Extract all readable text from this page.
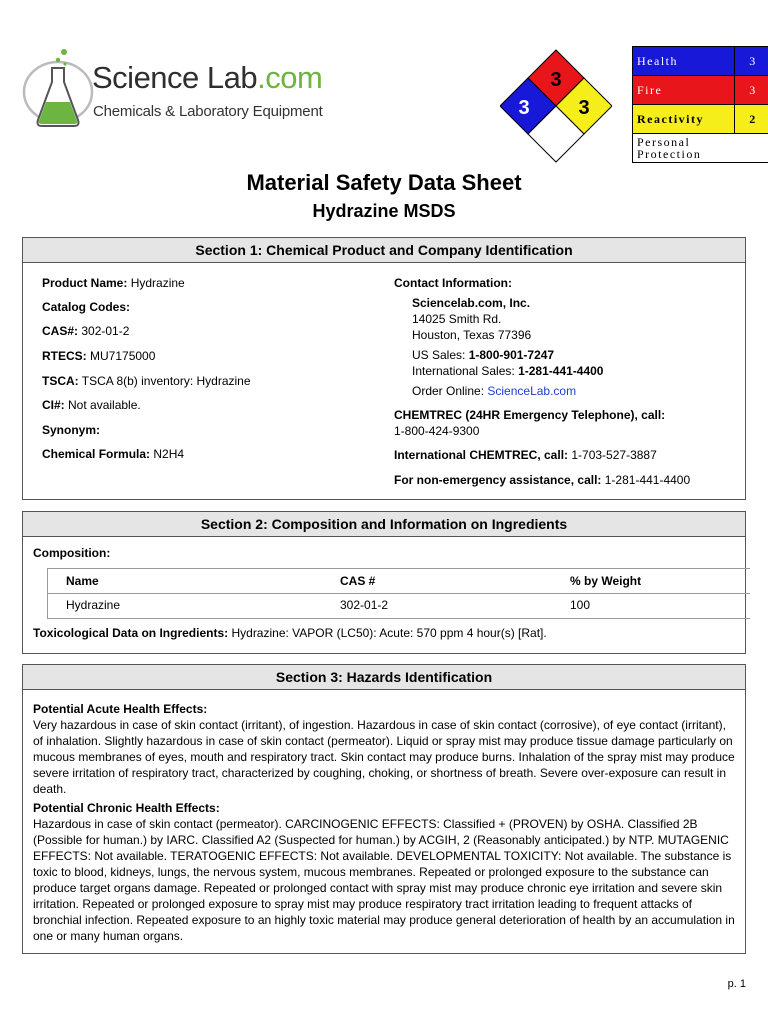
Science Lab.com
Chemicals & Laboratory Equipment
3
3 3
Health	3
Fire	3
Reactivity	2
Personal
Protection	
Material Safety Data Sheet
Hydrazine MSDS
Section 1: Chemical Product and Company Identification
Product Name: Hydrazine
Catalog Codes:
CAS#: 302-01-2
RTECS: MU7175000
TSCA: TSCA 8(b) inventory: Hydrazine
CI#: Not available.
Synonym:
Chemical Formula: N2H4
Contact Information:
Sciencelab.com, Inc.
14025 Smith Rd.
Houston, Texas 77396
US Sales: 1-800-901-7247
International Sales: 1-281-441-4400
Order Online: ScienceLab.com
CHEMTREC (24HR Emergency Telephone), call:
1-800-424-9300
International CHEMTREC, call: 1-703-527-3887
For non-emergency assistance, call: 1-281-441-4400
Section 2: Composition and Information on Ingredients
Composition:
Name	CAS #	% by Weight
Hydrazine	302-01-2	100
Toxicological Data on Ingredients: Hydrazine: VAPOR (LC50): Acute: 570 ppm 4 hour(s) [Rat].
Section 3: Hazards Identification
Potential Acute Health Effects:
Very hazardous in case of skin contact (irritant), of ingestion. Hazardous in case of skin contact (corrosive), of eye contact (irritant), of inhalation. Slightly hazardous in case of skin contact (permeator). Liquid or spray mist may produce tissue damage particularly on mucous membranes of eyes, mouth and respiratory tract. Skin contact may produce burns. Inhalation of the spray mist may produce severe irritation of respiratory tract, characterized by coughing, choking, or shortness of breath. Severe over-exposure can result in death.
Potential Chronic Health Effects:
Hazardous in case of skin contact (permeator). CARCINOGENIC EFFECTS: Classified + (PROVEN) by OSHA. Classified 2B (Possible for human.) by IARC. Classified A2 (Suspected for human.) by ACGIH, 2 (Reasonably anticipated.) by NTP. MUTAGENIC EFFECTS: Not available. TERATOGENIC EFFECTS: Not available. DEVELOPMENTAL TOXICITY: Not available. The substance is toxic to blood, kidneys, lungs, the nervous system, mucous membranes. Repeated or prolonged exposure to the substance can produce target organs damage. Repeated or prolonged contact with spray mist may produce chronic eye irritation and severe skin irritation. Repeated or prolonged exposure to spray mist may produce respiratory tract irritation leading to frequent attacks of bronchial infection. Repeated exposure to an highly toxic material may produce general deterioration of health by an accumulation in one or many human organs.
p. 1
